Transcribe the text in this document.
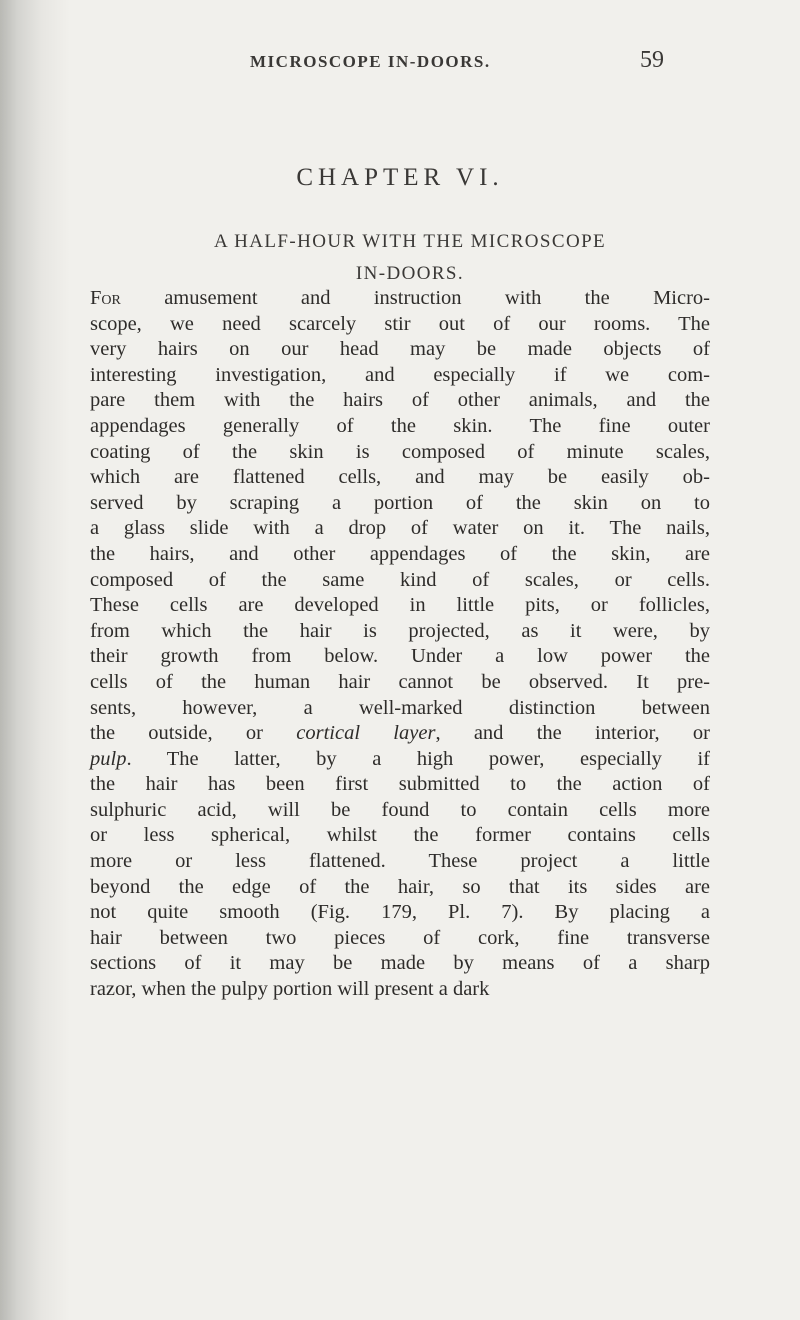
MICROSCOPE IN-DOORS.	59
CHAPTER VI.
A HALF-HOUR WITH THE MICROSCOPE
IN-DOORS.
For amusement and instruction with the Micro-
scope, we need scarcely stir out of our rooms. The
very hairs on our head may be made objects of
interesting investigation, and especially if we com-
pare them with the hairs of other animals, and the
appendages generally of the skin. The fine outer
coating of the skin is composed of minute scales,
which are flattened cells, and may be easily ob-
served by scraping a portion of the skin on to
a glass slide with a drop of water on it. The nails,
the hairs, and other appendages of the skin, are
composed of the same kind of scales, or cells.
These cells are developed in little pits, or follicles,
from which the hair is projected, as it were, by
their growth from below. Under a low power the
cells of the human hair cannot be observed. It pre-
sents, however, a well-marked distinction between
the outside, or cortical layer, and the interior, or
pulp. The latter, by a high power, especially if
the hair has been first submitted to the action of
sulphuric acid, will be found to contain cells more
or less spherical, whilst the former contains cells
more or less flattened. These project a little
beyond the edge of the hair, so that its sides are
not quite smooth (Fig. 179, Pl. 7). By placing a
hair between two pieces of cork, fine transverse
sections of it may be made by means of a sharp
razor, when the pulpy portion will present a dark
